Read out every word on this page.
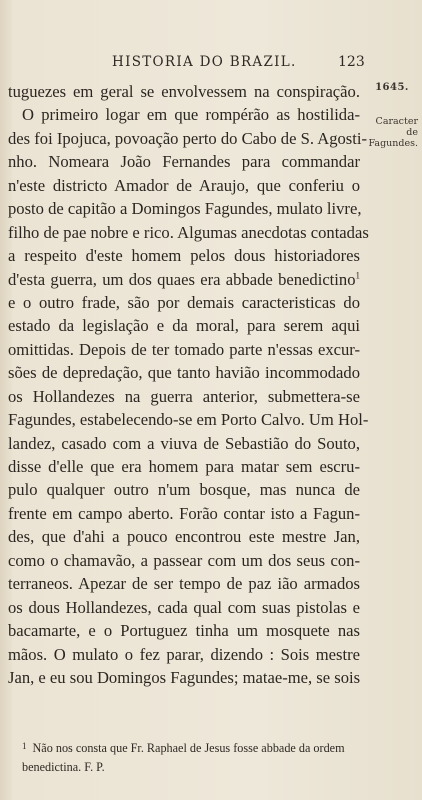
HISTORIA DO BRAZIL.	123
1645.
Caracter
de Fagundes.
tuguezes em geral se envolvessem na conspiração.
O primeiro logar em que rompérão as hostilida-
des foi Ipojuca, povoação perto do Cabo de S. Agosti-
nho. Nomeara João Fernandes para commandar
n'este districto Amador de Araujo, que conferiu o
posto de capitão a Domingos Fagundes, mulato livre,
filho de pae nobre e rico. Algumas anecdotas contadas
a respeito d'este homem pelos dous historiadores
d'esta guerra, um dos quaes era abbade benedictino$^1$
e o outro frade, são por demais caracteristicas do
estado da legislação e da moral, para serem aqui
omittidas. Depois de ter tomado parte n'essas excur-
sões de depredação, que tanto havião incommodado
os Hollandezes na guerra anterior, submettera-se
Fagundes, estabelecendo-se em Porto Calvo. Um Hol-
landez, casado com a viuva de Sebastião do Souto,
disse d'elle que era homem para matar sem escru-
pulo qualquer outro n'um bosque, mas nunca de
frente em campo aberto. Forão contar isto a Fagun-
des, que d'ahi a pouco encontrou este mestre Jan,
como o chamavão, a passear com um dos seus con-
terraneos. Apezar de ser tempo de paz ião armados
os dous Hollandezes, cada qual com suas pistolas e
bacamarte, e o Portuguez tinha um mosquete nas
mãos. O mulato o fez parar, dizendo : Sois mestre
Jan, e eu sou Domingos Fagundes; matae-me, se sois
$^1$ Não nos consta que Fr. Raphael de Jesus fosse abbade da ordem
benedictina. F. P.
